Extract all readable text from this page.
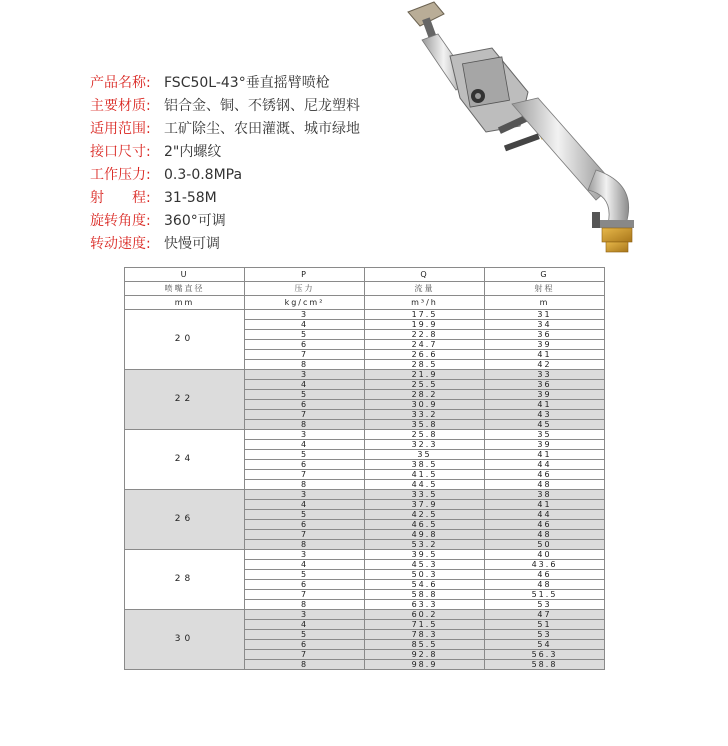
产品名称: FSC50L-43°垂直摇臂喷枪
主要材质: 铝合金、铜、不锈钢、尼龙塑料
适用范围: 工矿除尘、农田灌溉、城市绿地
接口尺寸: 2"内螺纹
工作压力: 0.3-0.8MPa
射　　程: 31-58M
旋转角度: 360°可调
转动速度: 快慢可调
U	P	Q	G
喷嘴直径	压力	流量	射程
mm	kg/cm²	m³/h	m
20	3	17.5	31
	4	19.9	34
	5	22.8	36
	6	24.7	39
	7	26.6	41
	8	28.5	42
22	3	21.9	33
	4	25.5	36
	5	28.2	39
	6	30.9	41
	7	33.2	43
	8	35.8	45
24	3	25.8	35
	4	32.3	39
	5	35	41
	6	38.5	44
	7	41.5	46
	8	44.5	48
26	3	33.5	38
	4	37.9	41
	5	42.5	44
	6	46.5	46
	7	49.8	48
	8	53.2	50
28	3	39.5	40
	4	45.3	43.6
	5	50.3	46
	6	54.6	48
	7	58.8	51.5
	8	63.3	53
30	3	60.2	47
	4	71.5	51
	5	78.3	53
	6	85.5	54
	7	92.8	56.3
	8	98.9	58.8
